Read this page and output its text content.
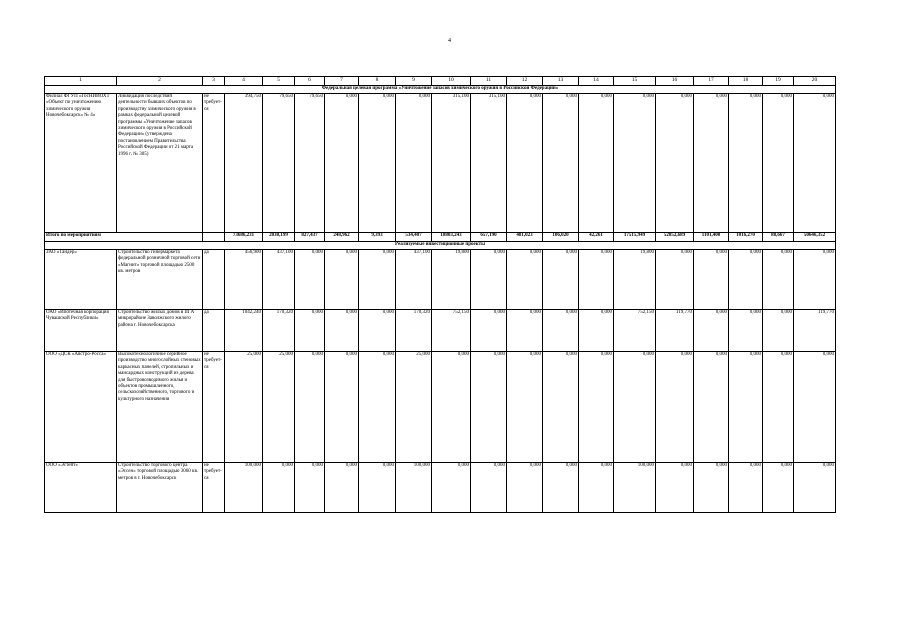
4
1	2	3	4	5	6	7	8	9	10	11	12	13	14	15	16	17	18	19	20
Федеральная целевая программа «Уничтожение запасов химического оружия в Российской Федерации»																			
Филиал ФГУП «ГосНИИОХТ «Объект по уничтожению химического оружия Новочебоксарск» № 4»	Ликвидация последствий деятельности бывших объектов по производству химического оружия в рамках федеральной целевой программы «Уничтожение запасов химического оружия в Российской Федерации» (утверждена постановлением Правительства Российской Федерации от 21 марта 1996 г. № 305)	не требует-ся	394,750	79,650	79,650	0,000	0,000	0,000	315,100	315,100	0,000	0,000	0,000	0,000	0,000	0,000	0,000	0,000	0,000
Итого по мероприятиям			73686,231	2030,199	827,437	248,962	9,393	534,407	18803,243	657,190	481,023	106,020	42,261	17515,949	52852,689	1101,400	1016,270	88,667	50646,352
Реализуемые инвестиционные проекты																			
ЗАО «Тандер»	Строительство гипермаркета федеральной розничной торговой сети «Магнит» торговой площадью 2500 кв. метров	да	456,900	437,100	0,000	0,000	0,000	437,100	19,800	0,000	0,000	0,000	0,000	19,800	0,000	0,000	0,000	0,000	0,000
ОАО «Ипотечная корпорация Чувашской Республики»	Строительство жилых домов в III А микрорайоне Заволжского жилого района г. Новочебоксарска	да	1042,240	170,320	0,000	0,000	0,000	170,320	752,150	0,000	0,000	0,000	0,000	752,150	119,770	0,000	0,000	0,000	119,770
ООО «ДСК «Австро-Росса»	Высокотехнологичное серийное производство многослойных стеновых каркасных панелей, стропильных и мансардных конструкций из дерева для быстровозводимого жилья и объектов промышленного, сельскохозяйственного, торгового и культурного назначения	не требует-ся	25,000	25,000	0,000	0,000	0,000	25,000	0,000	0,000	0,000	0,000	0,000	0,000	0,000	0,000	0,000	0,000	0,000
ООО «Эстейт»	Строительство торгового центра «Эссен» торговой площадью 3060 кв. метров в г. Новочебоксарск	не требует-ся	100,000	0,000	0,000	0,000	0,000	100,000	0,000	0,000	0,000	0,000	0,000	100,000	0,000	0,000	0,000	0,000	0,000
